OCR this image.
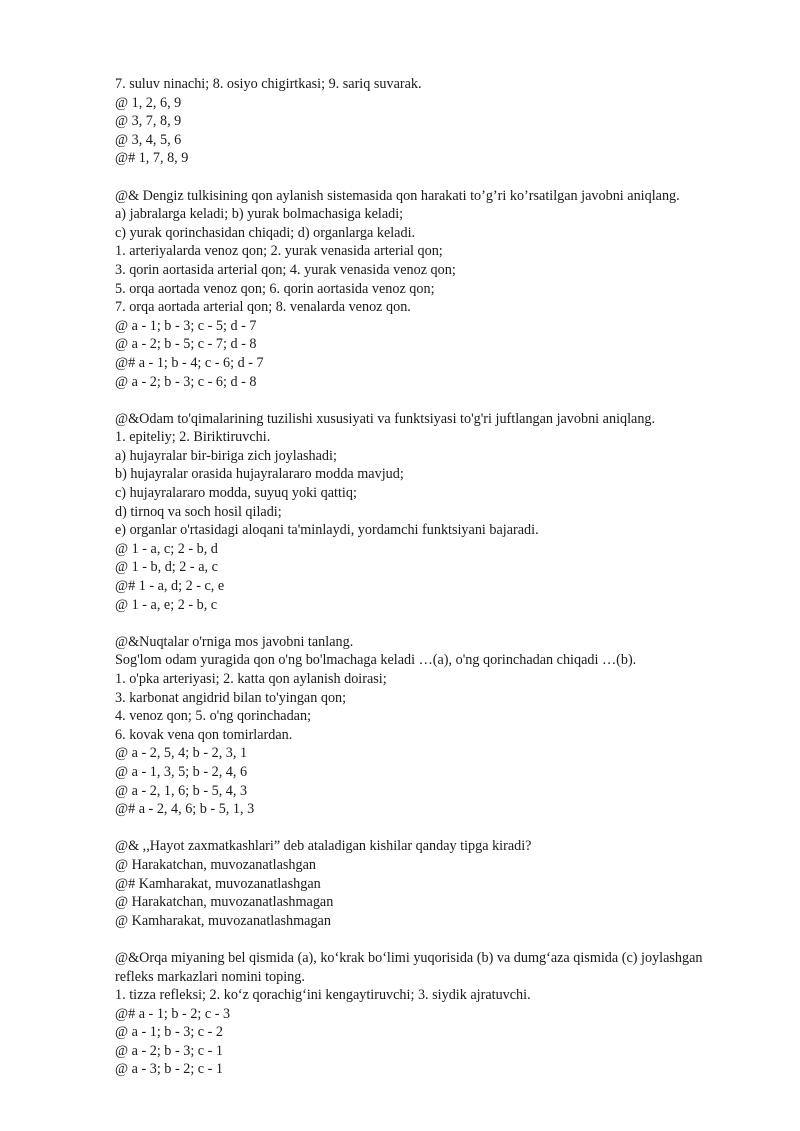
7. suluv ninachi; 8. osiyo chigirtkasi; 9. sariq suvarak.

@ 1, 2, 6, 9

@ 3, 7, 8, 9

@ 3, 4, 5, 6

@# 1, 7, 8, 9

@& Dengiz tulkisining qon aylanish sistemasida qon harakati to’g’ri ko’rsatilgan javobni aniqlang.

a) jabralarga keladi; b) yurak bolmachasiga keladi;

c) yurak qorinchasidan chiqadi; d) organlarga keladi.

1. arteriyalarda venoz qon; 2. yurak venasida arterial qon;

3. qorin aortasida arterial qon; 4. yurak venasida venoz qon;

5. orqa aortada venoz qon; 6. qorin aortasida venoz qon;

7. orqa aortada arterial qon; 8. venalarda venoz qon.

@ a - 1; b - 3; c - 5; d - 7

@ a - 2; b - 5; c - 7; d - 8

@# a - 1; b - 4; c - 6; d - 7

@ a - 2; b - 3; c - 6; d - 8

@&Odam to'qimalarining tuzilishi xususiyati va funktsiyasi to'g'ri juftlangan javobni aniqlang.

1. epiteliy; 2. Biriktiruvchi.

a) hujayralar bir-biriga zich joylashadi;

b) hujayralar orasida hujayralararo modda mavjud;

c) hujayralararo modda, suyuq yoki qattiq;

d) tirnoq va soch hosil qiladi;

e) organlar o'rtasidagi aloqani ta'minlaydi, yordamchi funktsiyani bajaradi.

@ 1 - a, c; 2 - b, d

@ 1 - b, d; 2 - a, c

@# 1 - a, d; 2 - c, e

@ 1 - a, e; 2 - b, c

@&Nuqtalar o'rniga mos javobni tanlang.

Sog'lom odam yuragida qon o'ng bo'lmachaga keladi …(a), o'ng qorinchadan chiqadi …(b).

1. o'pka arteriyasi; 2. katta qon aylanish doirasi;

3. karbonat angidrid bilan to'yingan qon;

4. venoz qon; 5. o'ng qorinchadan;

6. kovak vena qon tomirlardan.

@ a - 2, 5, 4; b - 2, 3, 1

@ a - 1, 3, 5; b - 2, 4, 6

@ a - 2, 1, 6; b - 5, 4, 3

@# a - 2, 4, 6; b - 5, 1, 3

@& ,,Hayot zaxmatkashlari” deb ataladigan kishilar qanday tipga kiradi?

@ Harakatchan, muvozanatlashgan

@# Kamharakat, muvozanatlashgan

@ Harakatchan, muvozanatlashmagan

@ Kamharakat, muvozanatlashmagan

@&Orqa miyaning bel qismida (a), ko‘krak bo‘limi yuqorisida (b) va dumg‘aza qismida (c) joylashgan

refleks markazlari nomini toping.

1. tizza refleksi; 2. ko‘z qorachig‘ini kengaytiruvchi; 3. siydik ajratuvchi.

@# a - 1; b - 2; c - 3

@ a - 1; b - 3; c - 2

@ a - 2; b - 3; c - 1

@ a - 3; b - 2; c - 1
